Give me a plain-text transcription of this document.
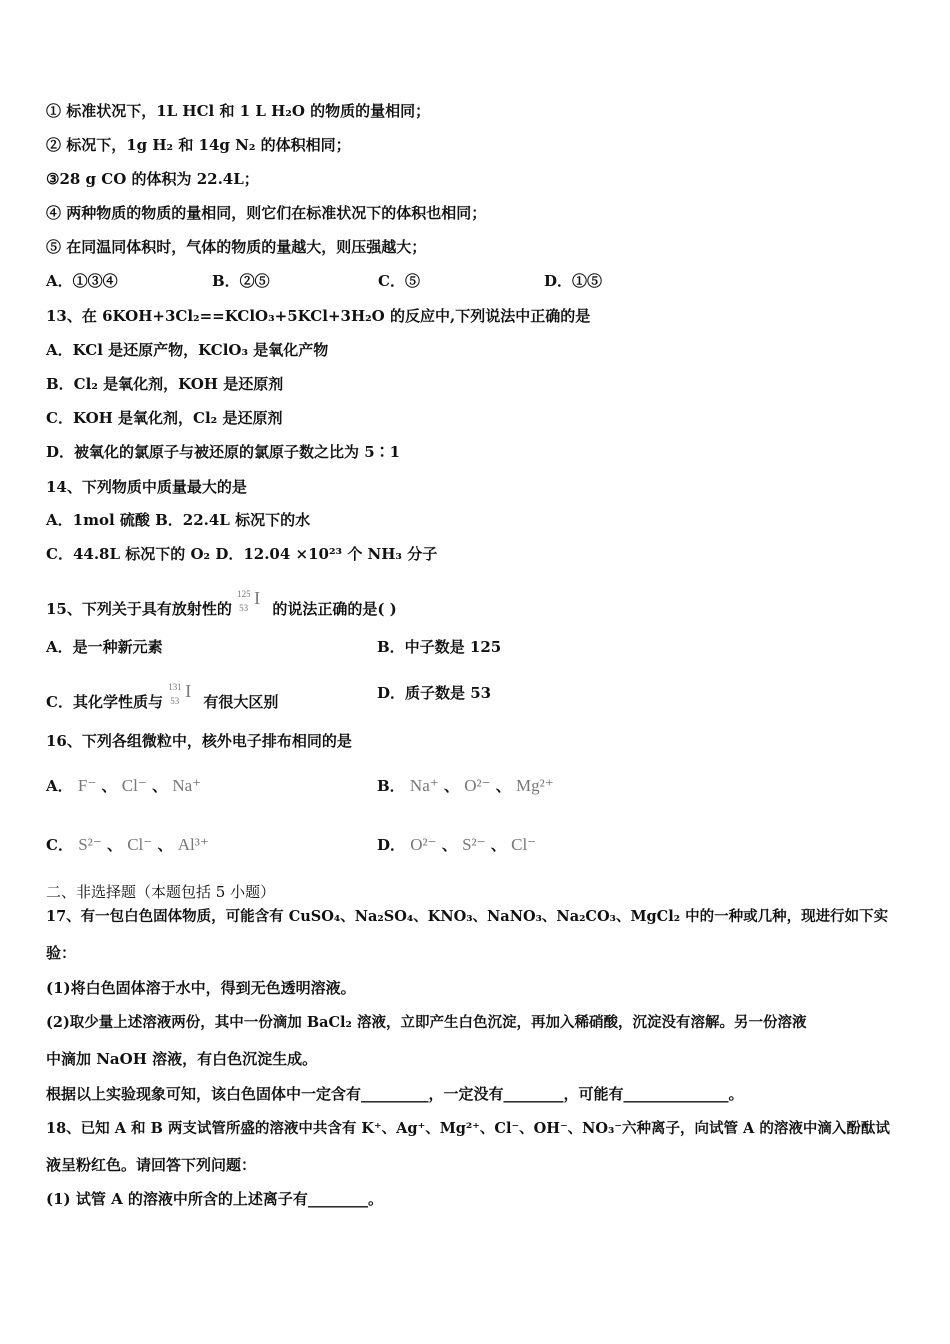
① 标准状况下，1L HCl 和 1 L H₂O 的物质的量相同；
② 标况下，1g H₂ 和 14g N₂ 的体积相同；
③28 g CO 的体积为 22.4L；
④ 两种物质的物质的量相同，则它们在标准状况下的体积也相同；
⑤ 在同温同体积时，气体的物质的量越大，则压强越大；
A．①③④	B．②⑤	C．⑤	D．①⑤
13、在 6KOH+3Cl₂==KClO₃+5KCl+3H₂O 的反应中,下列说法中正确的是
A．KCl 是还原产物，KClO₃ 是氧化产物
B．Cl₂ 是氧化剂，KOH 是还原剂
C．KOH 是氧化剂，Cl₂ 是还原剂
D．被氧化的氯原子与被还原的氯原子数之比为 5∶1
14、下列物质中质量最大的是
A．1mol 硫酸 B．22.4L 标况下的水
C．44.8L 标况下的 O₂ D．12.04 ×10²³ 个 NH₃ 分子
15、下列关于具有放射性的
125
53 I
的说法正确的是( )
A．是一种新元素	B．中子数是 125
C．其化学性质与
131
53 I
有很大区别	D．质子数是 53
16、下列各组微粒中，核外电子排布相同的是
A． F⁻ 、 Cl⁻ 、 Na⁺	B． Na⁺ 、 O²⁻ 、 Mg²⁺
C． S²⁻ 、 Cl⁻ 、 Al³⁺	D． O²⁻ 、 S²⁻ 、 Cl⁻
二、非选择题（本题包括 5 小题）
17、有一包白色固体物质，可能含有 CuSO₄、Na₂SO₄、KNO₃、NaNO₃、Na₂CO₃、MgCl₂ 中的一种或几种，现进行如下实
验：
(1)将白色固体溶于水中，得到无色透明溶液。
(2)取少量上述溶液两份，其中一份滴加 BaCl₂ 溶液，立即产生白色沉淀，再加入稀硝酸，沉淀没有溶解。另一份溶液
中滴加 NaOH 溶液，有白色沉淀生成。
根据以上实验现象可知，该白色固体中一定含有_________，一定没有________，可能有______________。
18、已知 A 和 B 两支试管所盛的溶液中共含有 K⁺、Ag⁺、Mg²⁺、Cl⁻、OH⁻、NO₃⁻六种离子，向试管 A 的溶液中滴入酚酞试
液呈粉红色。请回答下列问题：
(1) 试管 A 的溶液中所含的上述离子有________。
